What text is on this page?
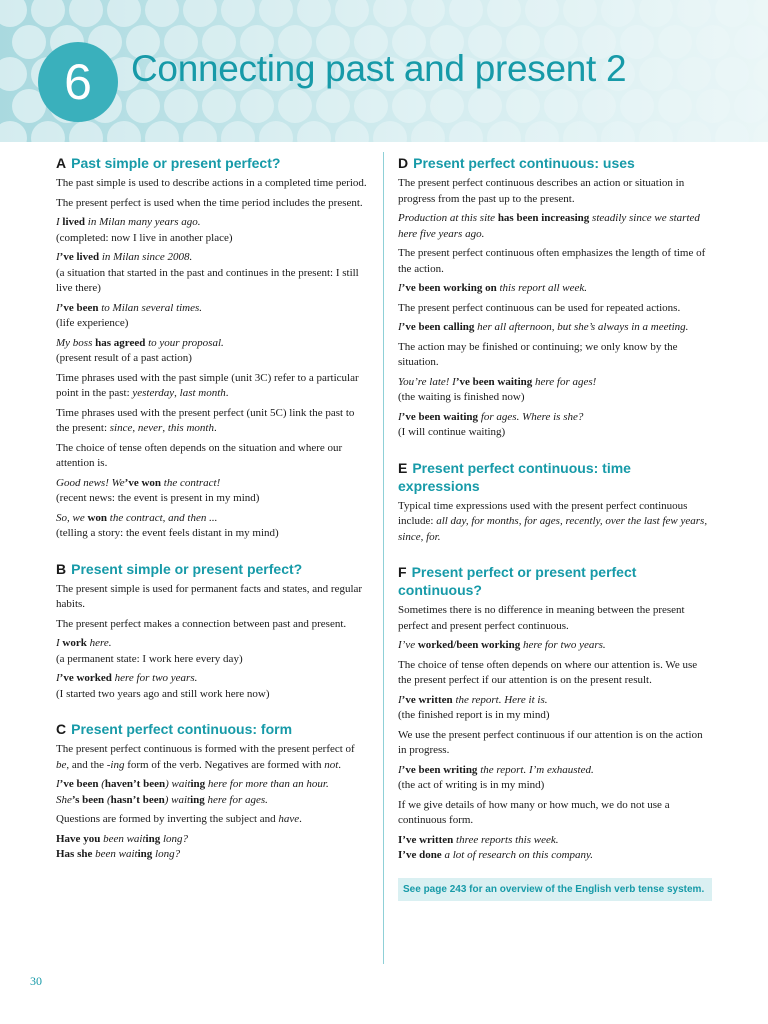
6	Connecting past and present 2
A Past simple or present perfect?

The past simple is used to describe actions in a completed time period.

The present perfect is used when the time period includes the present.

I lived in Milan many years ago.

(completed: now I live in another place)

I’ve lived in Milan since 2008.

(a situation that started in the past and continues in the present: I still live there)

I’ve been to Milan several times.

(life experience)

My boss has agreed to your proposal.

(present result of a past action)

Time phrases used with the past simple (unit 3C) refer to a particular point in the past: yesterday, last month.

Time phrases used with the present perfect (unit 5C) link the past to the present: since, never, this month.

The choice of tense often depends on the situation and where our attention is.

Good news! We’ve won the contract!

(recent news: the event is present in my mind)

So, we won the contract, and then ...

(telling a story: the event feels distant in my mind)

B Present simple or present perfect?

The present simple is used for permanent facts and states, and regular habits.

The present perfect makes a connection between past and present.

I work here.

(a permanent state: I work here every day)

I’ve worked here for two years.

(I started two years ago and still work here now)

C Present perfect continuous: form

The present perfect continuous is formed with the present perfect of be, and the -ing form of the verb. Negatives are formed with not.

I’ve been (haven’t been) waiting here for more than an hour.

She’s been (hasn’t been) waiting here for ages.

Questions are formed by inverting the subject and have.

Have you been waiting long?

Has she been waiting long?

D Present perfect continuous: uses

The present perfect continuous describes an action or situation in progress from the past up to the present.

Production at this site has been increasing steadily since we started here five years ago.

The present perfect continuous often emphasizes the length of time of the action.

I’ve been working on this report all week.

The present perfect continuous can be used for repeated actions.

I’ve been calling her all afternoon, but she’s always in a meeting.

The action may be finished or continuing; we only know by the situation.

You’re late! I’ve been waiting here for ages!

(the waiting is finished now)

I’ve been waiting for ages. Where is she?

(I will continue waiting)

E Present perfect continuous: time expressions

Typical time expressions used with the present perfect continuous include: all day, for months, for ages, recently, over the last few years, since, for.

F Present perfect or present perfect continuous?

Sometimes there is no difference in meaning between the present perfect and present perfect continuous.

I’ve worked/been working here for two years.

The choice of tense often depends on where our attention is. We use the present perfect if our attention is on the present result.

I’ve written the report. Here it is.

(the finished report is in my mind)

We use the present perfect continuous if our attention is on the action in progress.

I’ve been writing the report. I’m exhausted.

(the act of writing is in my mind)

If we give details of how many or how much, we do not use a continuous form.

I’ve written three reports this week.

I’ve done a lot of research on this company.

See page 243 for an overview of the English verb tense system.
30
